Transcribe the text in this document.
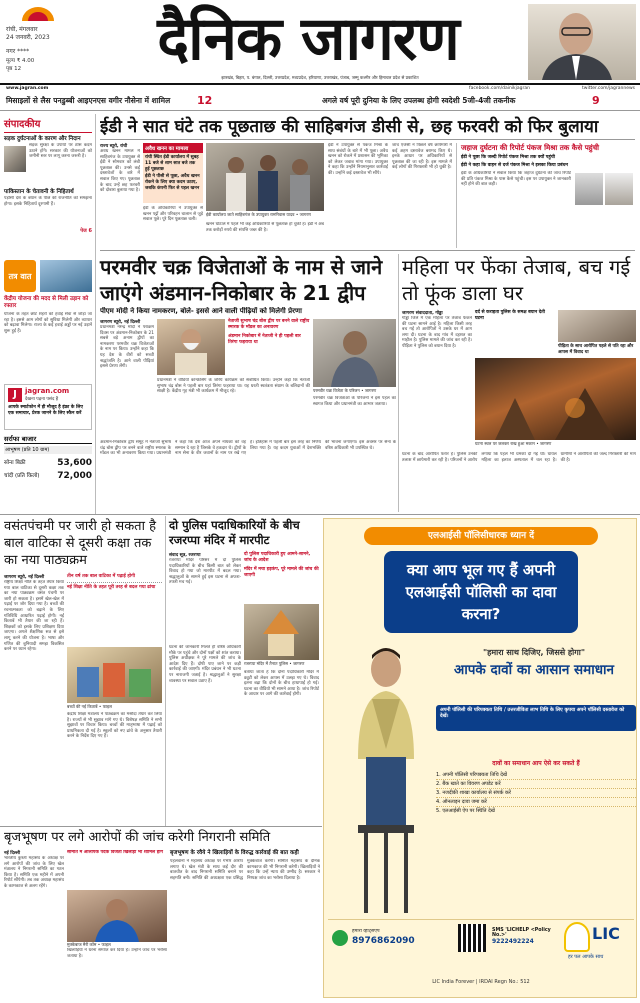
रांची, मंगलवार
24 जनवरी, 2023
नगर ****
मूल्य ₹ 4.00
पृष्ठ 12	दैनिक जागरण
झारखंड, बिहार, प. बंगाल, दिल्ली, उत्तरप्रदेश, मध्यप्रदेश, हरियाणा, उत्तराखंड, पंजाब, जम्मू कश्मीर और हिमाचल प्रदेश से प्रकाशित
www.jagran.com	facebook.com/dainikjagran	twitter.com/jagrannews
मिसाइलों से लैस पनडुब्बी आइएनएस वगीर नौसेना में शामिल 12	अगले वर्ष पूरी दुनिया के लिए उपलब्ध होगी स्वदेशी 5जी-4जी तकनीक	9
संपादकीय
सड़क दुर्घटनाओं के कारण और निदान
सड़क सुरक्षा के उपायों पर ठोस कदम उठाने होंगे। सरकार की योजनाओं को जमीनी स्तर पर लागू करना जरूरी है।
पाकिस्तान के चेतावनी के निहितार्थ
पड़ोसी देश के बयान के पीछे की राजनीति को समझना होगा। इसके निहितार्थ दूरगामी हैं।
पेज 6
तत्र वात
केंद्रीय योजना की मदद से मिली उड़ान को रफ्तार
योजना के तहत छोटे शहरों को हवाई सेवा से जोड़ा जा रहा है। इससे आम लोगों को सुविधा मिलेगी और व्यापार को बढ़ावा मिलेगा। राज्य के कई हवाई अड्डों पर नई उड़ानें शुरू हुई हैं।
J	jagran.com
देखना पढ़ना पसंद है
आपके स्मार्टफोन में ही मौजूद है इंफ्रा के लिए एक समाचार, प्रेरक जानने के लिए स्कैन करें
सर्राफा बाजार
आभूषण (प्रति 10 ग्राम)
सोना बिक्री	53,600
चांदी (प्रति किलो) 72,000
ईडी ने सात घंटे तक पूछताछ की साहिबगंज डीसी से, छह फरवरी को फिर बुलाया
राज्य ब्यूरो, रांची
अवैध खनन मामले में साहिबगंज के उपायुक्त से ईडी ने सोमवार को लंबी पूछताछ की। उनसे कई दस्तावेजों के बारे में सवाल किए गए। पूछताछ के बाद उन्हें छह फरवरी को दोबारा बुलाया गया है।
अवैध खनन का मामला
रांची स्थित ईडी कार्यालय में सुबह 11 बजे से शाम सात बजे तक हुई पूछताछ
ईडी ने पीसी से पूछा, अवैध खनन रोकने के लिए क्या कदम उठाए, जबकि कंपनी फिर से पहल खनन
ईडी के अधिकारियों ने उपायुक्त से खनन पट्टों और परिवहन चालान से जुड़े सवाल पूछे। पूरे दिन पूछताछ चली।
ईडी कार्यालय जाते साहिबगंज के उपायुक्त रामनिवास यादव • जागरण
खनन घोटाले में पहले भी कई अधिकारियों से पूछताछ हो चुकी है। ईडी ने अब तक करोड़ों रुपये की संपत्ति जब्त की है।
ईडी ने उपायुक्त से पंकज मिश्रा के साथ संबंधों के बारे में भी पूछा। अवैध खनन को रोकने में प्रशासन की भूमिका को लेकर जवाब मांगा गया। उपायुक्त ने कहा कि उन्होंने नियमानुसार कार्रवाई की। उन्होंने कई दस्तावेज भी सौंपे।
जांच एजेंसी ने पिछले वर्ष छापेमारी में कई अहम दस्तावेज बरामद किए थे। इनके आधार पर अधिकारियों से पूछताछ की जा रही है। इस मामले में कई लोगों की गिरफ्तारी भी हो चुकी है।
जहाज दुर्घटना की रिपोर्ट पंकज मिश्रा तक कैसे पहुंची
ईडी ने पूछा कि जल्दी रिपोर्ट पंकज मिश्रा तक क्यों पहुंची
ईडी ने कहा कि वाहन से दर्ज पंकज मिश्रा ने इसका किया प्रबंधन
ईडी के अधिकारियों ने सवाल किया कि जहाज दुर्घटना की जांच रिपोर्ट की प्रति पंकज मिश्रा के पास कैसे पहुंची। इस पर उपायुक्त ने जानकारी नहीं होने की बात कही।
परमवीर चक्र विजेताओं के नाम से जाने जाएंगे अंडमान-निकोबार के 21 द्वीप
पीएम मोदी ने किया नामकरण, बोले- इससे आने वाली पीढ़ियों को मिलेगी प्रेरणा
जागरण ब्यूरो, नई दिल्ली
प्रधानमंत्री नरेन्द्र मोदी ने पराक्रम दिवस पर अंडमान-निकोबार के 21 सबसे बड़े अनाम द्वीपों का नामकरण परमवीर चक्र विजेताओं के नाम पर किया। उन्होंने कहा कि यह देश के वीरों को सच्ची श्रद्धांजलि है। आने वाली पीढ़ियां इससे प्रेरणा लेंगी।
नेताजी सुभाष चंद्र बोस द्वीप पर बनने वाले राष्ट्रीय स्मारक के मॉडल का अनावरण
अंडमान निकोबार में नेताजी ने ही पहली बार तिरंगा फहराया था
प्रधानमंत्री ने वीडियो कॉन्फ्रेंसिंग के जरिये कार्यक्रम को संबोधित किया। उन्होंने कहा कि नेताजी सुभाष चंद्र बोस ने पहली बार यहां तिरंगा फहराया था। यह धरती स्वतंत्रता संग्राम के बलिदानों की साक्षी है। केंद्रीय गृह मंत्री भी कार्यक्रम में मौजूद रहे।	परमवीर चक्र विजेता के परिजन • जागरण
परमवीर चक्र विजेताओं के परिजनों ने इस पहल का स्वागत किया और प्रधानमंत्री का आभार जताया।
अंडमान-निकोबार द्वीप समूह में नेताजी सुभाष चंद्र बोस द्वीप पर बनने वाले राष्ट्रीय स्मारक के मॉडल का भी अनावरण किया गया। प्रधानमंत्री ने कहा कि देश आज अपने नायकों को वह सम्मान दे रहा है जिसके वे हकदार थे। द्वीपों के नाम सेना के वीर जवानों के नाम पर रखे गए हैं। इतिहास में पहली बार इस तरह का निर्णय लिया गया है। यह कदम युवाओं में देशभक्ति की भावना जगाएगा। इस अवसर पर सेना के वरिष्ठ अधिकारी भी उपस्थित थे।
महिला पर फेंका तेजाब, बच गई तो फूंक डाला घर
जागरण संवाददाता, गोड्डा
गोड्डा जिले में एक महिला पर तेजाब फेंकने की घटना सामने आई है। महिला किसी तरह बच गई तो आरोपितों ने उसके घर में आग लगा दी। घटना के बाद गांव में दहशत का माहौल है। पुलिस मामले की जांच कर रही है। पीड़िता ने पुलिस को बयान दिया है।
दर्द से कराहता पुलिस के समक्ष बयान देती घटना
पीड़िता के साथ आरोपित पहले से पति रहा और आपस में विवाद था
घटना स्थल पर जलकर राख हुआ मकान • जागरण
घटना के बाद आरोपित फरार हैं। पुलिस उनकी तलाश में छापेमारी कर रही है। परिजनों ने आरोप लगाया कि पहले भी धमकी दी गई थी। घायल महिला का इलाज अस्पताल में चल रहा है। ग्रामीणों ने आरोपितों की जल्द गिरफ्तारी की मांग की है।
वसंतपंचमी पर जारी हो सकता है बाल वाटिका से दूसरी कक्षा तक का नया पाठ्यक्रम
जागरण ब्यूरो, नई दिल्ली
राष्ट्रीय शिक्षा नीति के तहत तैयार किया गया बाल वाटिका से दूसरी कक्षा तक का नया पाठ्यक्रम वसंत पंचमी पर जारी हो सकता है। इसमें खेल-खेल में पढ़ाई पर जोर दिया गया है। बच्चों की रचनात्मकता को बढ़ाने के लिए गतिविधि आधारित पढ़ाई होगी। नई किताबें भी तैयार की जा रही हैं। शिक्षकों को इसके लिए प्रशिक्षण दिया जाएगा। अगले शैक्षणिक सत्र से इसे लागू करने की योजना है। भाषा और गणित की बुनियादी समझ विकसित करने पर ध्यान रहेगा।
तीन वर्ष तक बाल वाटिका में पढ़ाई होगी
नई शिक्षा नीति के तहत पूरी तरह से बदल गया ढांचा
बच्चों की नई किताबें • फाइल
केंद्रीय शिक्षा मंत्रालय ने पाठ्यक्रम का मसौदा तैयार कर लिया है। राज्यों से भी सुझाव मांगे गए थे। विशेषज्ञ समिति ने सभी सुझावों पर विचार किया। बच्चों की मातृभाषा में पढ़ाई को प्राथमिकता दी गई है। स्कूलों को नए ढांचे के अनुसार तैयारी करने के निर्देश दिए गए हैं।
दो पुलिस पदाधिकारियों के बीच रजरप्पा मंदिर में मारपीट
संवाद सूत्र, रजरप्पा
रजरप्पा मंदिर परिसर में दो पुलिस पदाधिकारियों के बीच किसी बात को लेकर विवाद हो गया जो मारपीट में बदल गया। श्रद्धालुओं के सामने हुई इस घटना से अफरा-तफरी मच गई।
दो पुलिस पदाधिकारी हुए आमने-सामने, जांच के आदेश
मंदिर में मचा हड़कंप, पूरे मामले की जांच की जाएगी
रजरप्पा मंदिर में तैनात पुलिस • जागरण
घटना की जानकारी मिलते ही वरिष्ठ अधिकारी मौके पर पहुंचे और दोनों पक्षों को शांत कराया। पुलिस अधीक्षक ने पूरे मामले की जांच के आदेश दिए हैं। दोषी पाए जाने पर कड़ी कार्रवाई की जाएगी। मंदिर प्रबंधन ने भी घटना पर नाराजगी जताई है। श्रद्धालुओं ने सुरक्षा व्यवस्था पर सवाल उठाए हैं।
बताया जाता है कि दोनों पदाधिकारी मंदिर में ड्यूटी को लेकर आपस में उलझ गए थे। विवाद इतना बढ़ा कि दोनों के बीच हाथापाई हो गई। घटना का वीडियो भी सामने आया है। जांच रिपोर्ट के आधार पर आगे की कार्रवाई होगी।
एलआईसी पॉलिसीधारक ध्यान दें
क्या आप भूल गए हैं अपनी एलआईसी पॉलिसी का दावा करना?
"हमारा साथ दिजिए, जिससे होगा"
आपके दावों का आसान समाधान
अपनी पॉलिसी की परिपक्वता तिथि / उत्तरजीविता लाभ तिथि के लिए कृपया अपने पॉलिसी दस्तावेज को देखें।
दावों का समाधान आप ऐसे कर सकते हैं
1. अपनी पॉलिसी परिपक्वता तिथि देखें
2. बैंक खाते का विवरण अपडेट करें
3. नजदीकी शाखा कार्यालय से संपर्क करें
4. ऑनलाइन दावा जमा करें
5. एलआईसी ऐप पर स्थिति देखें
हमारा व्हाट्सएप
8976862090
SMS 'LICHELP <Policy No.>'
9222492224	LIC
हर पल आपके साथ
LIC India Forever | IRDAI Regn No.: 512
बृजभूषण पर लगे आरोपों की जांच करेगी निगरानी समिति
नई दिल्ली
भारतीय कुश्ती महासंघ के अध्यक्ष पर लगे आरोपों की जांच के लिए खेल मंत्रालय ने निगरानी समिति का गठन किया है। समिति एक महीने में अपनी रिपोर्ट सौंपेगी। तब तक अध्यक्ष महासंघ के कामकाज से अलग रहेंगे।
समिति में ओलंपिक पदक विजेता खिलाड़ी भी शामिल होंगे
मुक्केबाज मैरी कॉम • फाइल
खिलाड़ियों ने धरना समाप्त कर दिया है। उन्होंने जांच पर भरोसा जताया है।
बृजभूषण के रवैये ने खिलाड़ियों के विरुद्ध कार्रवाई की बात कही
पहलवानों ने महासंघ अध्यक्ष पर गंभीर आरोप लगाए थे। खेल मंत्री के साथ कई दौर की बातचीत के बाद निगरानी समिति बनाने पर सहमति बनी। समिति की अध्यक्षता एक प्रसिद्ध मुक्केबाज करेंगी। समिति महासंघ के दैनिक कामकाज की भी निगरानी करेगी। खिलाड़ियों ने कहा कि उन्हें न्याय की उम्मीद है। सरकार ने निष्पक्ष जांच का भरोसा दिलाया है।
